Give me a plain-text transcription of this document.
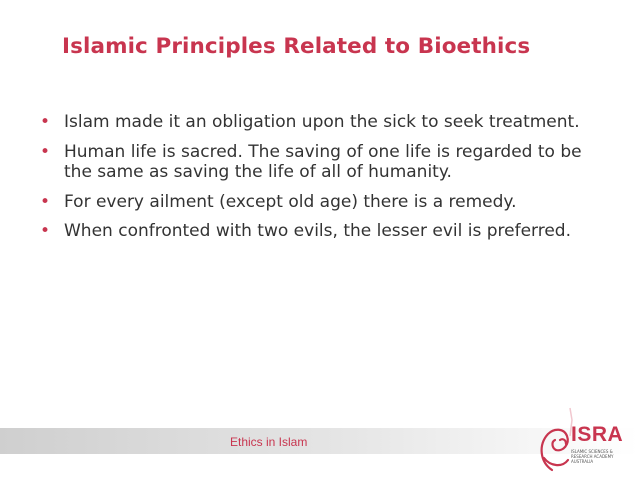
Islamic Principles Related to Bioethics
• Islam made it an obligation upon the sick to seek treatment.
• Human life is sacred. The saving of one life is regarded to be the same as saving the life of all of humanity.
• For every ailment (except old age) there is a remedy.
• When confronted with two evils, the lesser evil is preferred.
Ethics in Islam	ISRA
ISLAMIC SCIENCES & RESEARCH ACADEMY AUSTRALIA
